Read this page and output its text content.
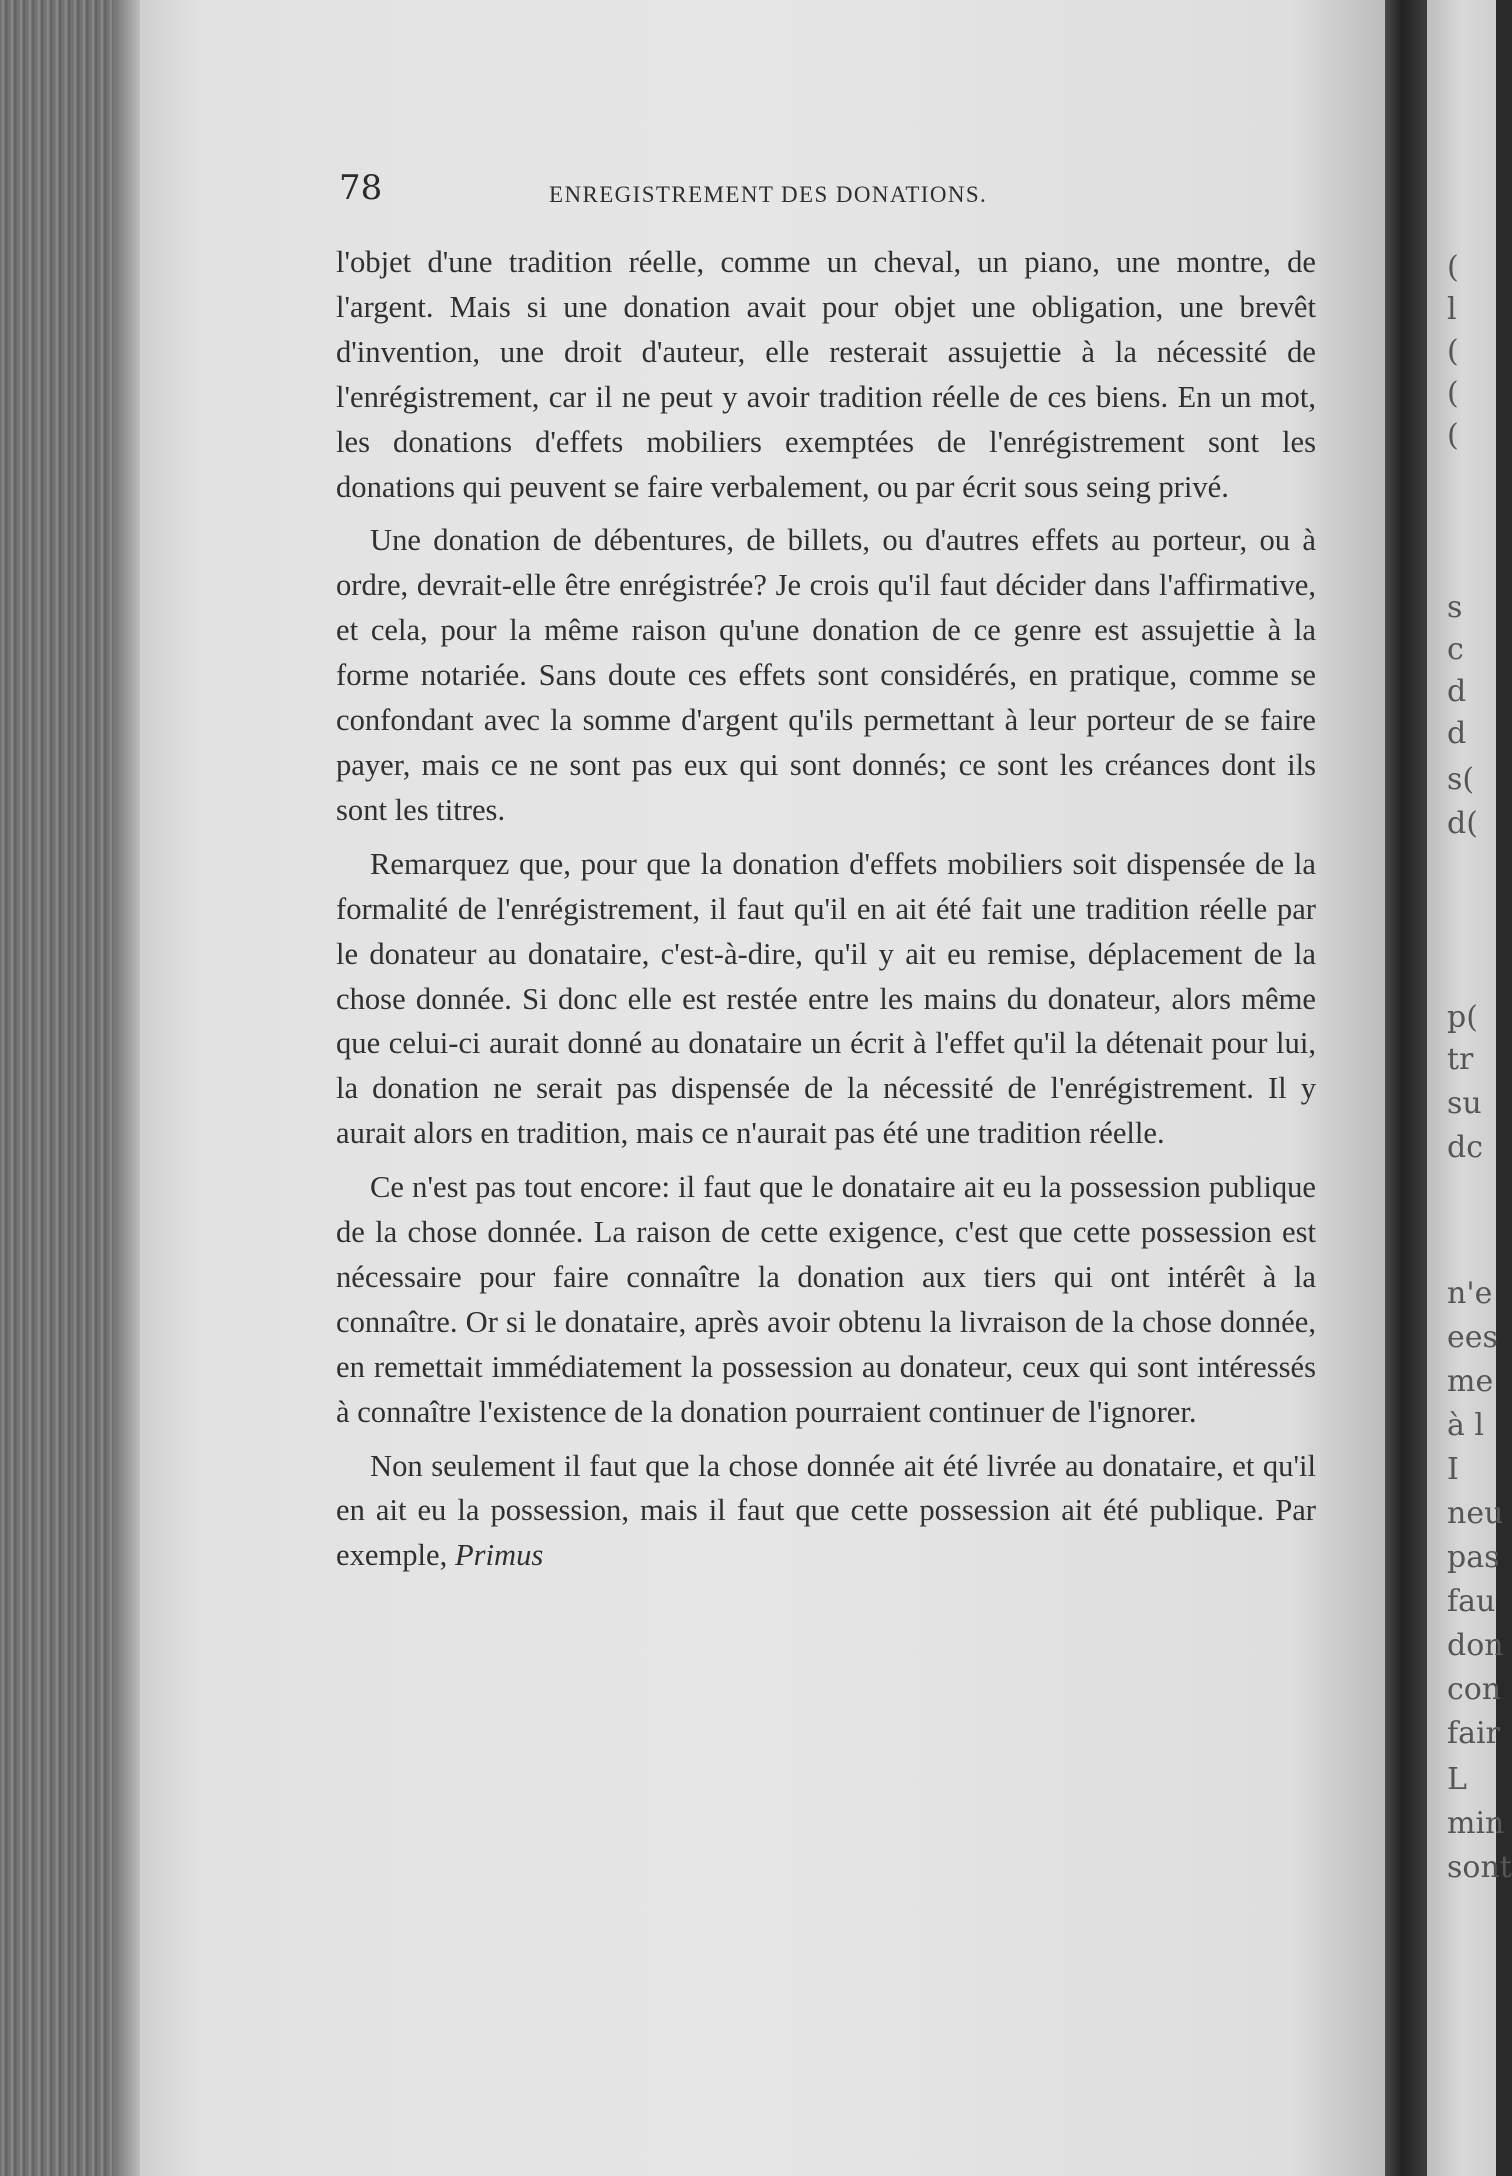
78	ENREGISTREMENT DES DONATIONS.

l'objet d'une tradition réelle, comme un cheval, un piano, une montre, de l'argent. Mais si une donation avait pour objet une obligation, une brevêt d'invention, une droit d'auteur, elle resterait assujettie à la nécessité de l'enrégistrement, car il ne peut y avoir tradition réelle de ces biens. En un mot, les donations d'effets mobiliers exemptées de l'enrégistrement sont les donations qui peuvent se faire verbalement, ou par écrit sous seing privé.

Une donation de débentures, de billets, ou d'autres effets au porteur, ou à ordre, devrait-elle être enrégistrée? Je crois qu'il faut décider dans l'affirmative, et cela, pour la même raison qu'une donation de ce genre est assujettie à la forme notariée. Sans doute ces effets sont considérés, en pratique, comme se confondant avec la somme d'argent qu'ils permettant à leur porteur de se faire payer, mais ce ne sont pas eux qui sont donnés; ce sont les créances dont ils sont les titres.

Remarquez que, pour que la donation d'effets mobiliers soit dispensée de la formalité de l'enrégistrement, il faut qu'il en ait été fait une tradition réelle par le donateur au donataire, c'est-à-dire, qu'il y ait eu remise, déplacement de la chose donnée. Si donc elle est restée entre les mains du donateur, alors même que celui-ci aurait donné au donataire un écrit à l'effet qu'il la détenait pour lui, la donation ne serait pas dispensée de la nécessité de l'enrégistrement. Il y aurait alors en tradition, mais ce n'aurait pas été une tradition réelle.

Ce n'est pas tout encore: il faut que le donataire ait eu la possession publique de la chose donnée. La raison de cette exigence, c'est que cette possession est nécessaire pour faire connaître la donation aux tiers qui ont intérêt à la connaître. Or si le donataire, après avoir obtenu la livraison de la chose donnée, en remettait immédiatement la possession au donateur, ceux qui sont intéressés à connaître l'existence de la donation pourraient continuer de l'ignorer.

Non seulement il faut que la chose donnée ait été livrée au donataire, et qu'il en ait eu la possession, mais il faut que cette possession ait été publique. Par exemple, Primus

(
l
(
(
(
s
c
d
d
s(
d(
p(
tr
su
dc
n'e
ees
me
à l
I
neu
pas
fau
don
con
fair
L
min
sont
